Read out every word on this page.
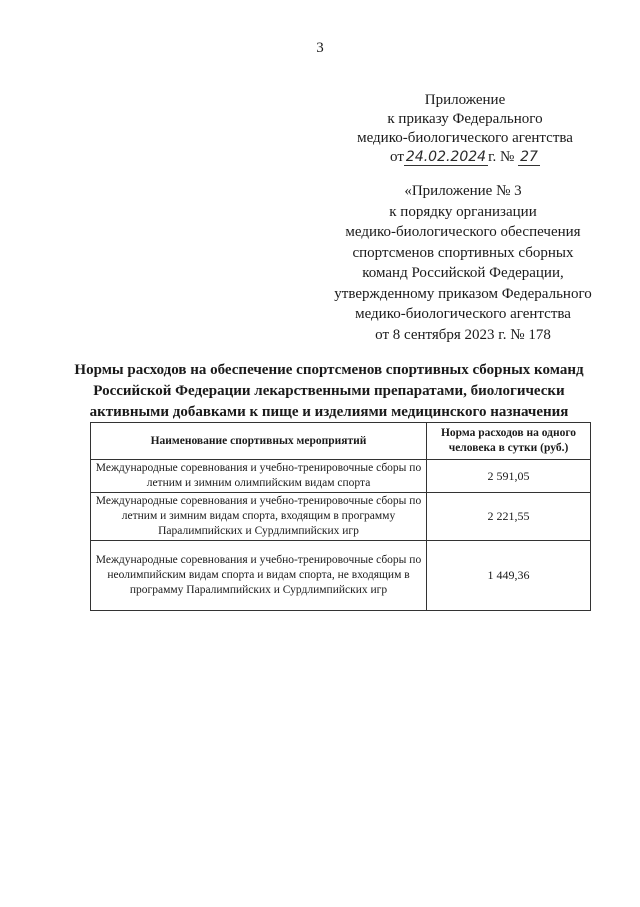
3
Приложение
к приказу Федерального
медико-биологического агентства
от 24.02.2024 г. № 27
«Приложение № 3
к порядку организации
медико-биологического обеспечения
спортсменов спортивных сборных
команд Российской Федерации,
утвержденному приказом Федерального
медико-биологического агентства
от 8 сентября 2023 г. № 178
Нормы расходов на обеспечение спортсменов спортивных сборных команд Российской Федерации лекарственными препаратами, биологически активными добавками к пище и изделиями медицинского назначения
Наименование спортивных мероприятий	Норма расходов на одного человека в сутки (руб.)
Международные соревнования и учебно-тренировочные сборы по летним и зимним олимпийским видам спорта	2 591,05
Международные соревнования и учебно-тренировочные сборы по летним и зимним видам спорта, входящим в программу Паралимпийских и Сурдлимпийских игр	2 221,55
Международные соревнования и учебно-тренировочные сборы по неолимпийским видам спорта и видам спорта, не входящим в программу Паралимпийских и Сурдлимпийских игр	1 449,36
